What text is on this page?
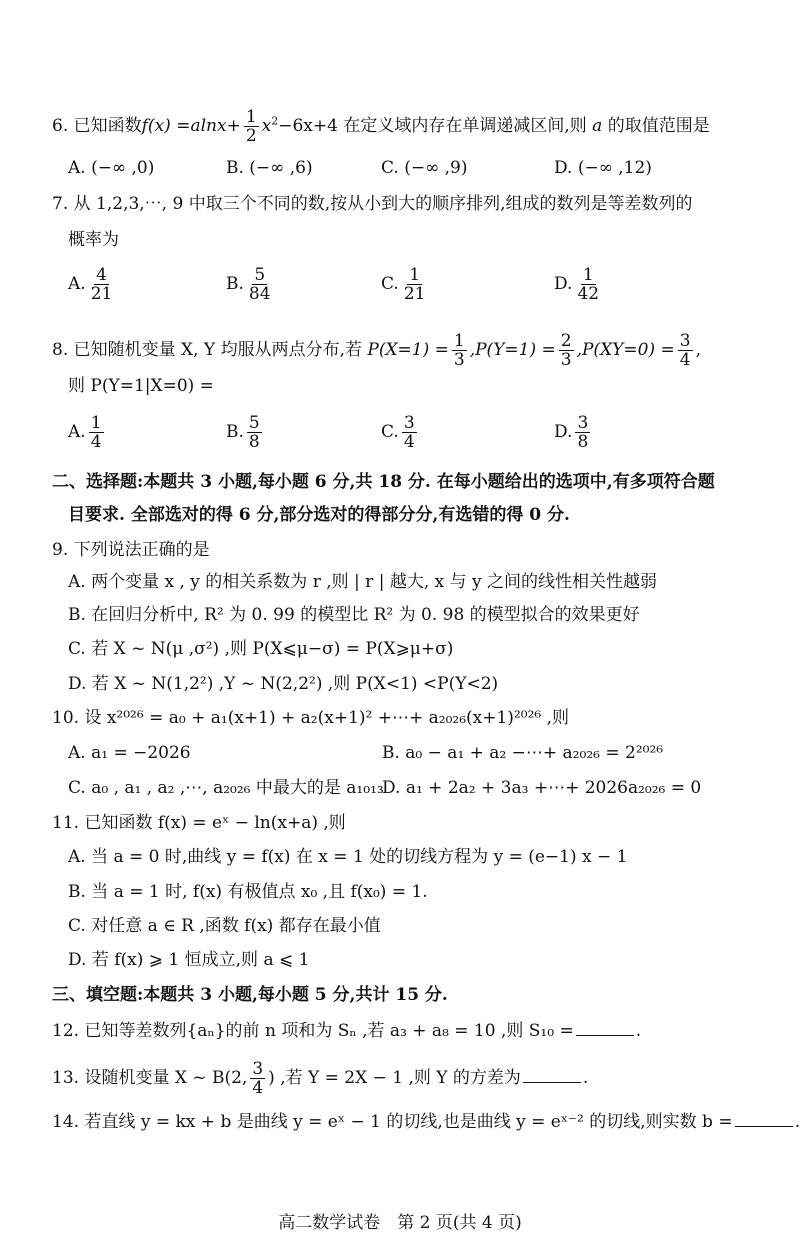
6. 已知函数$f(x) =alnx+ \frac{1}{2} x^2-6x+4$ 在定义域内存在单调递减区间,则 a 的取值范围是
A. (−∞ ,0)	B. (−∞ ,6)	C. (−∞ ,9)	D. (−∞ ,12)
7. 从 1,2,3,⋯, 9 中取三个不同的数,按从小到大的顺序排列,组成的数列是等差数列的
概率为
A. $\frac{4}{21}$	B. $\frac{5}{84}$	C. $\frac{1}{21}$	D. $\frac{1}{42}$
8. 已知随机变量 X, Y 均服从两点分布,若 $P(X=1) = \frac{1}{3} ,P(Y=1) = \frac{2}{3} ,P(XY=0) = \frac{3}{4}$ ,
则 P(Y=1|X=0) =
A. $\frac{1}{4}$	B. $\frac{5}{8}$	C. $\frac{3}{4}$	D. $\frac{3}{8}$
二、选择题:本题共 3 小题,每小题 6 分,共 18 分. 在每小题给出的选项中,有多项符合题
目要求. 全部选对的得 6 分,部分选对的得部分分,有选错的得 0 分.
9. 下列说法正确的是
A. 两个变量 x , y 的相关系数为 r ,则 | r | 越大, x 与 y 之间的线性相关性越弱
B. 在回归分析中, R² 为 0. 99 的模型比 R² 为 0. 98 的模型拟合的效果更好
C. 若 X ~ N(μ ,σ²) ,则 P(X⩽μ−σ) = P(X⩾μ+σ)
D. 若 X ~ N(1,2²) ,Y ~ N(2,2²) ,则 P(X<1) <P(Y<2)
10. 设 x²⁰²⁶ = a₀ + a₁(x+1) + a₂(x+1)² +⋯+ a₂₀₂₆(x+1)²⁰²⁶ ,则
A. a₁ = −2026	B. a₀ − a₁ + a₂ −⋯+ a₂₀₂₆ = 2²⁰²⁶
C. a₀ , a₁ , a₂ ,⋯, a₂₀₂₆ 中最大的是 a₁₀₁₃
D. a₁ + 2a₂ + 3a₃ +⋯+ 2026a₂₀₂₆ = 0
11. 已知函数 f(x) = eˣ − ln(x+a) ,则
A. 当 a = 0 时,曲线 y = f(x) 在 x = 1 处的切线方程为 y = (e−1) x − 1
B. 当 a = 1 时, f(x) 有极值点 x₀ ,且 f(x₀) = 1.
C. 对任意 a ∈ R ,函数 f(x) 都存在最小值
D. 若 f(x) ⩾ 1 恒成立,则 a ⩽ 1
三、填空题:本题共 3 小题,每小题 5 分,共计 15 分.
12. 已知等差数列{aₙ}的前 n 项和为 Sₙ ,若 a₃ + a₈ = 10 ,则 S₁₀ =	.
13. 设随机变量 X ~ B(2, $\frac{3}{4}$ ) ,若 Y = 2X − 1 ,则 Y 的方差为	.
14. 若直线 y = kx + b 是曲线 y = eˣ − 1 的切线,也是曲线 y = eˣ⁻² 的切线,则实数 b =	.
高二数学试卷　第 2 页(共 4 页)
